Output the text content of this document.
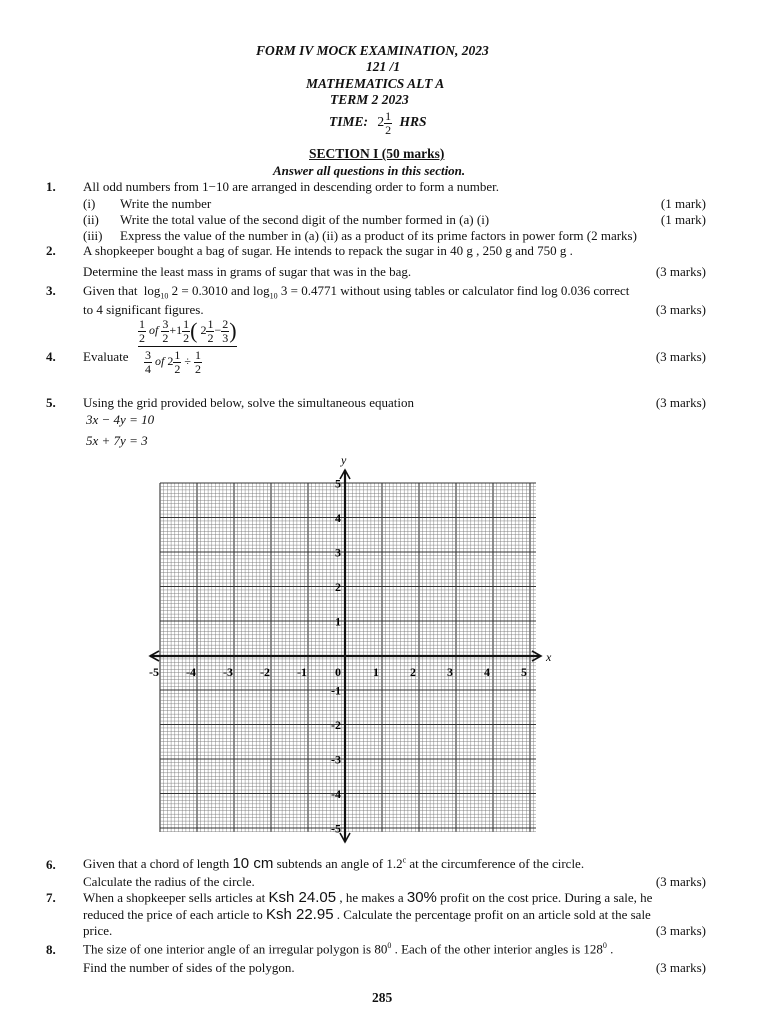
FORM IV MOCK EXAMINATION, 2023
121 /1
MATHEMATICS ALT A
TERM 2 2023
TIME: $2 \frac{1}{2}$ HRS
SECTION I (50 marks)
Answer all questions in this section.
1. All odd numbers from 1−10 are arranged in descending order to form a number.
(i) Write the number	(1 mark)
(ii) Write the total value of the second digit of the number formed in (a) (i)	(1 mark)
(iii) Express the value of the number in (a) (ii) as a product of its prime factors in power form (2 marks)
2. A shopkeeper bought a bag of sugar. He intends to repack the sugar in 40 g , 250 g and 750 g .
Determine the least mass in grams of sugar that was in the bag.	(3 marks)
3. Given that $\log_{10} 2 = 0.3010$ and $\log_{10} 3 = 0.4771$ without using tables or calculator find log 0.036 correct
to 4 significant figures.	(3 marks)
4. Evaluate	(3 marks)
$\frac{\frac{1}{2} of \frac{3}{2} +1 \frac{1}{2} ( 2 \frac{1}{2} - \frac{2}{3} )}{\frac{3}{4} of 2 \frac{1}{2} \div \frac{1}{2}}$
5. Using the grid provided below, solve the simultaneous equation	(3 marks)
3x − 4y = 10
5x + 7y = 3
-5 -4 -3 -2 -1 0	1	2	3	4	5
5
4
3
2
1
-1
-2
-3
-4
-5
x
y
6. Given that a chord of length 10 cm subtends an angle of 1.2$^c$ at the circumference of the circle.
Calculate the radius of the circle.	(3 marks)
7. When a shopkeeper sells articles at Ksh 24.05 , he makes a 30% profit on the cost price. During a sale, he
reduced the price of each article to Ksh 22.95 . Calculate the percentage profit on an article sold at the sale
price.	(3 marks)
8. The size of one interior angle of an irregular polygon is $80^0$ . Each of the other interior angles is $128^0$ .
Find the number of sides of the polygon.	(3 marks)
285
